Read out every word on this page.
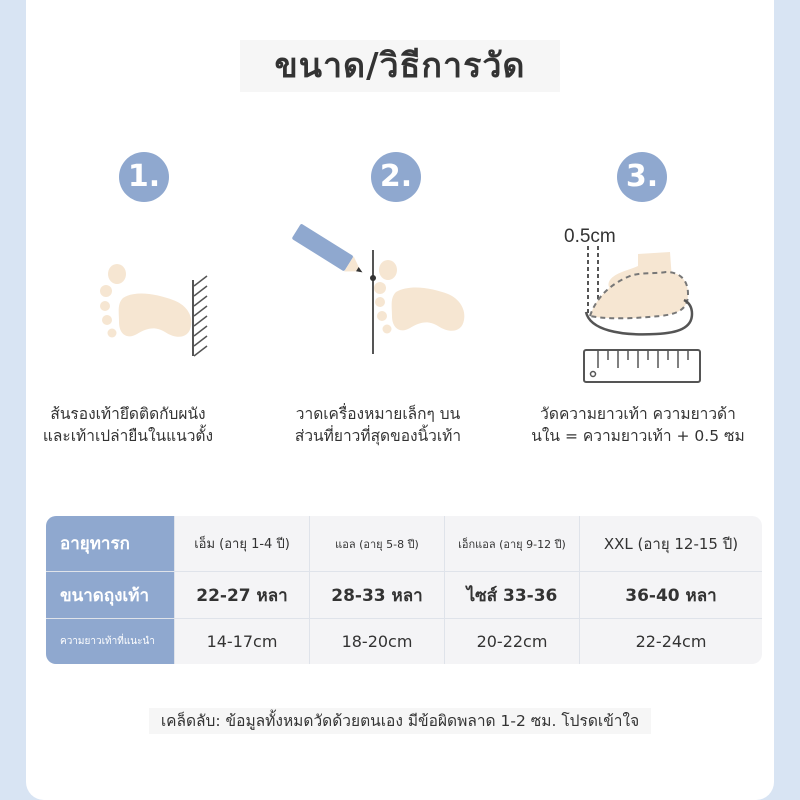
ขนาด/วิธีการวัด
1.	2.	3.
0.5cm
ส้นรองเท้ายึดติดกับผนัง
และเท้าเปล่ายืนในแนวตั้ง
วาดเครื่องหมายเล็กๆ บน
ส่วนที่ยาวที่สุดของนิ้วเท้า
วัดความยาวเท้า ความยาวด้า
นใน = ความยาวเท้า + 0.5 ซม
อายุทารก	เอ็ม (อายุ 1-4 ปี)	แอล (อายุ 5-8 ปี)	เอ็กแอล (อายุ 9-12 ปี)	XXL (อายุ 12-15 ปี)
ขนาดถุงเท้า	22-27 หลา	28-33 หลา	ไซส์ 33-36	36-40 หลา
ความยาวเท้าที่แนะนำ	14-17cm	18-20cm	20-22cm	22-24cm
เคล็ดลับ: ข้อมูลทั้งหมดวัดด้วยตนเอง มีข้อผิดพลาด 1-2 ซม. โปรดเข้าใจ
